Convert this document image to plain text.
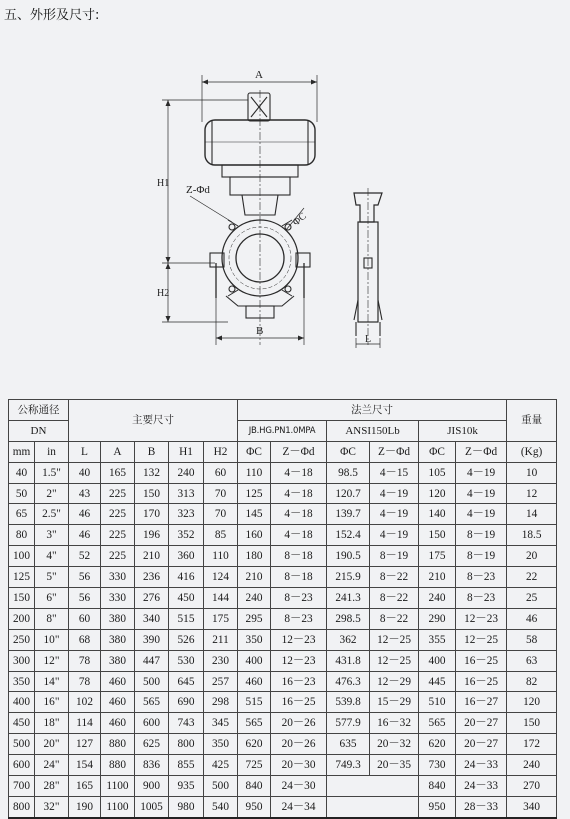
五、外形及尺寸:
A
H1
H2
B
Z-Φd
ΦC
L
公称通径		主要尺寸					法兰尺寸						重量
DN							JB.HG.PN1.0MPA		ANSI150Lb		JIS10k		
mm	in	L	A	B	H1	H2	ΦC	Z－Φd	ΦC	Z－Φd	ΦC	Z－Φd	(Kg)
40	1.5"	40	165	132	240	60	110	4－18	98.5	4－15	105	4－19	10
50	2"	43	225	150	313	70	125	4－18	120.7	4－19	120	4－19	12
65	2.5"	46	225	170	323	70	145	4－18	139.7	4－19	140	4－19	14
80	3"	46	225	196	352	85	160	4－18	152.4	4－19	150	8－19	18.5
100	4"	52	225	210	360	110	180	8－18	190.5	8－19	175	8－19	20
125	5"	56	330	236	416	124	210	8－18	215.9	8－22	210	8－23	22
150	6"	56	330	276	450	144	240	8－23	241.3	8－22	240	8－23	25
200	8"	60	380	340	515	175	295	8－23	298.5	8－22	290	12－23	46
250	10"	68	380	390	526	211	350	12－23	362	12－25	355	12－25	58
300	12"	78	380	447	530	230	400	12－23	431.8	12－25	400	16－25	63
350	14"	78	460	500	645	257	460	16－23	476.3	12－29	445	16－25	82
400	16"	102	460	565	690	298	515	16－25	539.8	15－29	510	16－27	120
450	18"	114	460	600	743	345	565	20－26	577.9	16－32	565	20－27	150
500	20"	127	880	625	800	350	620	20－26	635	20－32	620	20－27	172
600	24"	154	880	836	855	425	725	20－30	749.3	20－35	730	24－33	240
700	28"	165	1100	900	935	500	840	24－30			840	24－33	270
800	32"	190	1100	1005	980	540	950	24－34			950	28－33	340
